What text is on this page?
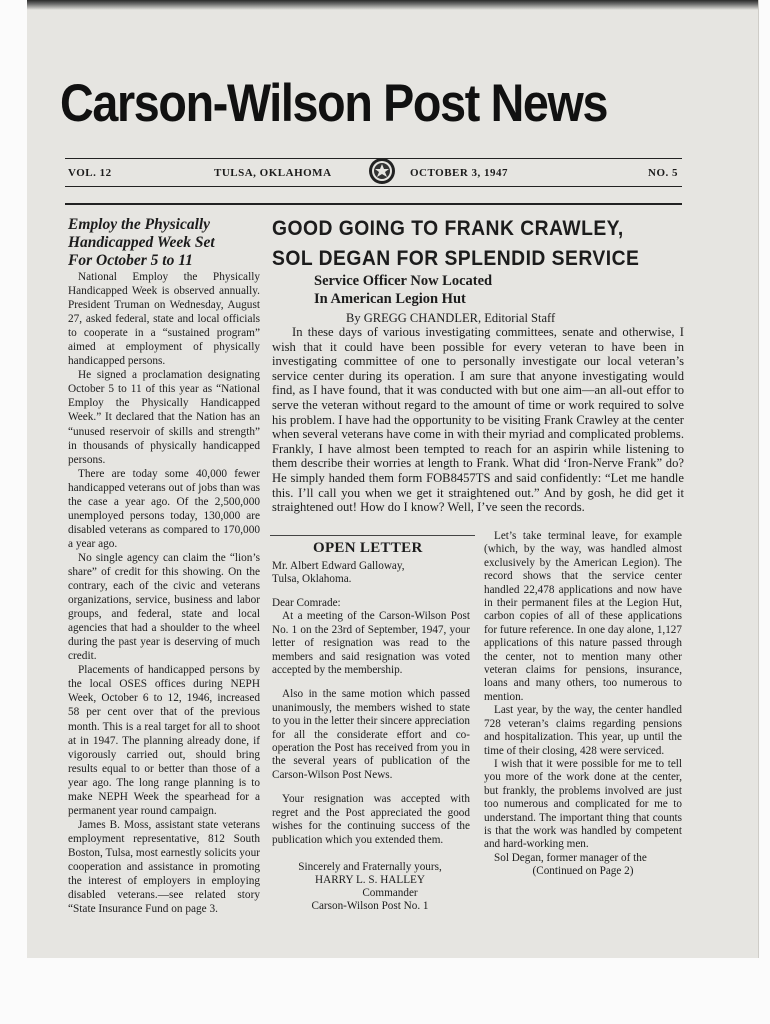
Carson-Wilson Post News
VOL. 12	TULSA, OKLAHOMA	OCTOBER 3, 1947	NO. 5
Employ the Physically
Handicapped Week Set
For October 5 to 11

National Employ the Physically Handicapped Week is observed annually. President Truman on Wednesday, August 27, asked federal, state and local officials to cooperate in a “sustained program” aimed at employment of physically handicapped persons.

He signed a proclamation designating October 5 to 11 of this year as “National Employ the Physically Handicapped Week.” It declared that the Nation has an “unused reservoir of skills and strength” in thousands of physically handicapped persons.

There are today some 40,000 fewer handicapped veterans out of jobs than was the case a year ago. Of the 2,500,000 unemployed persons today, 130,000 are disabled veterans as compared to 170,000 a year ago.

No single agency can claim the “lion’s share” of credit for this showing. On the contrary, each of the civic and veterans organizations, service, business and labor groups, and federal, state and local agencies that had a shoulder to the wheel during the past year is deserving of much credit.

Placements of handicapped persons by the local OSES offices during NEPH Week, October 6 to 12, 1946, increased 58 per cent over that of the previous month. This is a real target for all to shoot at in 1947. The planning already done, if vigorously carried out, should bring results equal to or better than those of a year ago. The long range planning is to make NEPH Week the spearhead for a permanent year round campaign.

James B. Moss, assistant state veterans employment representative, 812 South Boston, Tulsa, most earnestly solicits your cooperation and assistance in promoting the interest of employers in employing disabled veterans.—see related story “State Insurance Fund on page 3.

GOOD GOING TO FRANK CRAWLEY,
SOL DEGAN FOR SPLENDID SERVICE
Service Officer Now Located
In American Legion Hut
By GREGG CHANDLER, Editorial Staff

In these days of various investigating committees, senate and otherwise, I wish that it could have been possible for every veteran to have been in investigating committee of one to personally investigate our local veteran’s service center during its operation. I am sure that anyone investigating would find, as I have found, that it was conducted with but one aim—an all-out effor to serve the veteran without regard to the amount of time or work required to solve his problem. I have had the opportunity to be visiting Frank Crawley at the center when several veterans have come in with their myriad and complicated problems. Frankly, I have almost been tempted to reach for an aspirin while listening to them describe their worries at length to Frank. What did ‘Iron-Nerve Frank” do? He simply handed them form FOB8457TS and said confidently: “Let me handle this. I’ll call you when we get it straightened out.” And by gosh, he did get it straightened out! How do I know? Well, I’ve seen the records.

OPEN LETTER
Mr. Albert Edward Galloway,
Tulsa, Oklahoma.
Dear Comrade:

At a meeting of the Carson-Wilson Post No. 1 on the 23rd of September, 1947, your letter of resignation was read to the members and said resignation was voted accepted by the membership.

Also in the same motion which passed unanimously, the members wished to state to you in the letter their sincere appreciation for all the considerate effort and co-operation the Post has received from you in the several years of publication of the Carson-Wilson Post News.

Your resignation was accepted with regret and the Post appreciated the good wishes for the continuing success of the publication which you extended them.

Sincerely and Fraternally yours,
HARRY L. S. HALLEY
Commander
Carson-Wilson Post No. 1

Let’s take terminal leave, for example (which, by the way, was handled almost exclusively by the American Legion). The record shows that the service center handled 22,478 applications and now have in their permanent files at the Legion Hut, carbon copies of all of these applications for future reference. In one day alone, 1,127 applications of this nature passed through the center, not to mention many other veteran claims for pensions, insurance, loans and many others, too numerous to mention.

Last year, by the way, the center handled 728 veteran’s claims regarding pensions and hospitalization. This year, up until the time of their closing, 428 were serviced.

I wish that it were possible for me to tell you more of the work done at the center, but frankly, the problems involved are just too numerous and complicated for me to understand. The important thing that counts is that the work was handled by competent and hard-working men.

Sol Degan, former manager of the

(Continued on Page 2)
